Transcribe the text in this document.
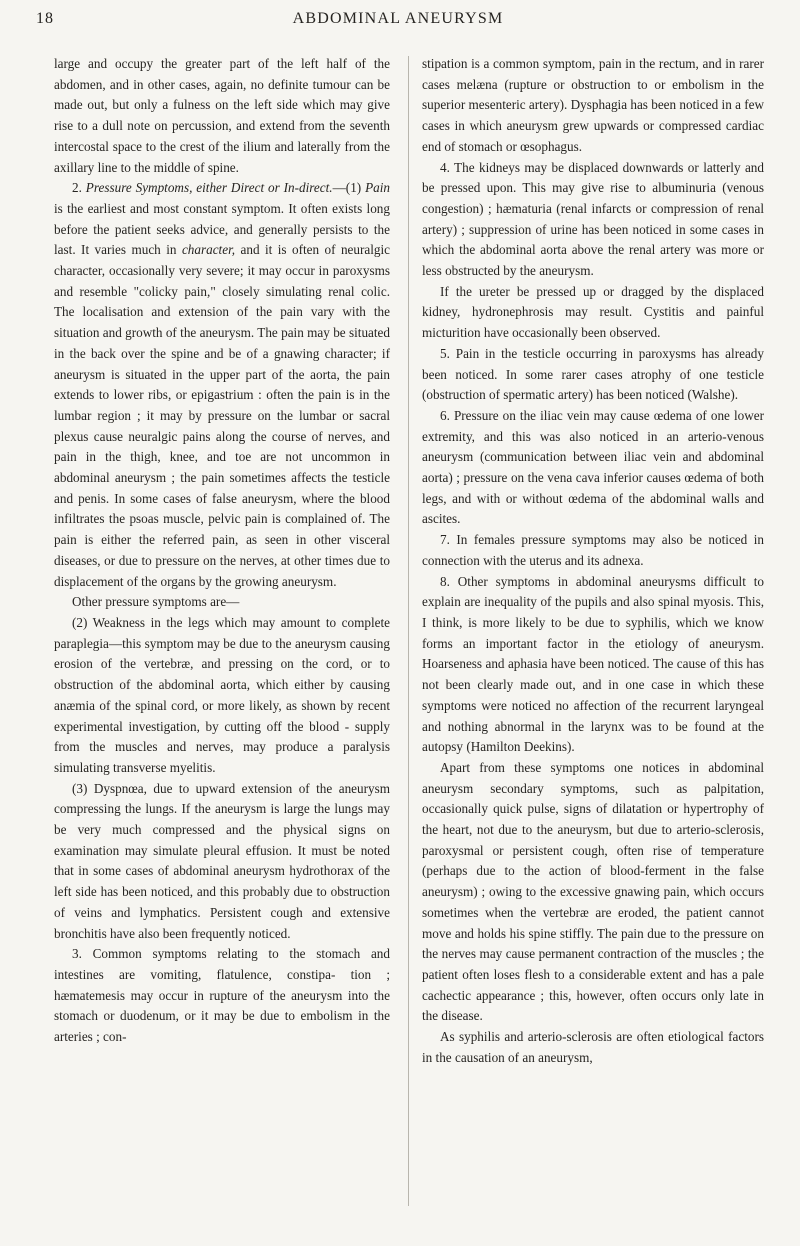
18	ABDOMINAL ANEURYSM

large and occupy the greater part of the left half of the abdomen, and in other cases, again, no definite tumour can be made out, but only a fulness on the left side which may give rise to a dull note on percussion, and extend from the seventh intercostal space to the crest of the ilium and laterally from the axillary line to the middle of spine.

2. Pressure Symptoms, either Direct or In-direct.—(1) Pain is the earliest and most constant symptom. It often exists long before the patient seeks advice, and generally persists to the last. It varies much in character, and it is often of neuralgic character, occasionally very severe; it may occur in paroxysms and resemble "colicky pain," closely simulating renal colic. The localisation and extension of the pain vary with the situation and growth of the aneurysm. The pain may be situated in the back over the spine and be of a gnawing character; if aneurysm is situated in the upper part of the aorta, the pain extends to lower ribs, or epigastrium : often the pain is in the lumbar region ; it may by pressure on the lumbar or sacral plexus cause neuralgic pains along the course of nerves, and pain in the thigh, knee, and toe are not uncommon in abdominal aneurysm ; the pain sometimes affects the testicle and penis. In some cases of false aneurysm, where the blood infiltrates the psoas muscle, pelvic pain is complained of. The pain is either the referred pain, as seen in other visceral diseases, or due to pressure on the nerves, at other times due to displacement of the organs by the growing aneurysm.

Other pressure symptoms are—

(2) Weakness in the legs which may amount to complete paraplegia—this symptom may be due to the aneurysm causing erosion of the vertebræ, and pressing on the cord, or to obstruction of the abdominal aorta, which either by causing anæmia of the spinal cord, or more likely, as shown by recent experimental investigation, by cutting off the blood - supply from the muscles and nerves, may produce a paralysis simulating transverse myelitis.

(3) Dyspnœa, due to upward extension of the aneurysm compressing the lungs. If the aneurysm is large the lungs may be very much compressed and the physical signs on examination may simulate pleural effusion. It must be noted that in some cases of abdominal aneurysm hydrothorax of the left side has been noticed, and this probably due to obstruction of veins and lymphatics. Persistent cough and extensive bronchitis have also been frequently noticed.

3. Common symptoms relating to the stomach and intestines are vomiting, flatulence, constipa- tion ; hæmatemesis may occur in rupture of the aneurysm into the stomach or duodenum, or it may be due to embolism in the arteries ; con-

stipation is a common symptom, pain in the rectum, and in rarer cases melæna (rupture or obstruction to or embolism in the superior mesenteric artery). Dysphagia has been noticed in a few cases in which aneurysm grew upwards or compressed cardiac end of stomach or œsophagus.

4. The kidneys may be displaced downwards or latterly and be pressed upon. This may give rise to albuminuria (venous congestion) ; hæmaturia (renal infarcts or compression of renal artery) ; suppression of urine has been noticed in some cases in which the abdominal aorta above the renal artery was more or less obstructed by the aneurysm.

If the ureter be pressed up or dragged by the displaced kidney, hydronephrosis may result. Cystitis and painful micturition have occasionally been observed.

5. Pain in the testicle occurring in paroxysms has already been noticed. In some rarer cases atrophy of one testicle (obstruction of spermatic artery) has been noticed (Walshe).

6. Pressure on the iliac vein may cause œdema of one lower extremity, and this was also noticed in an arterio-venous aneurysm (communication between iliac vein and abdominal aorta) ; pressure on the vena cava inferior causes œdema of both legs, and with or without œdema of the abdominal walls and ascites.

7. In females pressure symptoms may also be noticed in connection with the uterus and its adnexa.

8. Other symptoms in abdominal aneurysms difficult to explain are inequality of the pupils and also spinal myosis. This, I think, is more likely to be due to syphilis, which we know forms an important factor in the etiology of aneurysm. Hoarseness and aphasia have been noticed. The cause of this has not been clearly made out, and in one case in which these symptoms were noticed no affection of the recurrent laryngeal and nothing abnormal in the larynx was to be found at the autopsy (Hamilton Deekins).

Apart from these symptoms one notices in abdominal aneurysm secondary symptoms, such as palpitation, occasionally quick pulse, signs of dilatation or hypertrophy of the heart, not due to the aneurysm, but due to arterio-sclerosis, paroxysmal or persistent cough, often rise of temperature (perhaps due to the action of blood-ferment in the false aneurysm) ; owing to the excessive gnawing pain, which occurs sometimes when the vertebræ are eroded, the patient cannot move and holds his spine stiffly. The pain due to the pressure on the nerves may cause permanent contraction of the muscles ; the patient often loses flesh to a considerable extent and has a pale cachectic appearance ; this, however, often occurs only late in the disease.

As syphilis and arterio-sclerosis are often etiological factors in the causation of an aneurysm,
